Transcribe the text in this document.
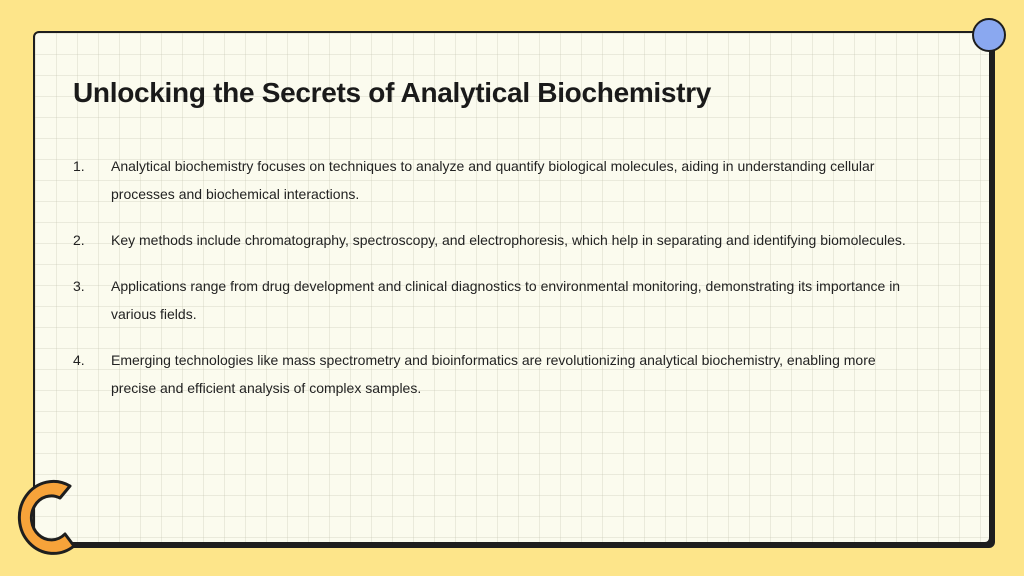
Unlocking the Secrets of Analytical Biochemistry
1.	Analytical biochemistry focuses on techniques to analyze and quantify biological molecules, aiding in understanding cellular processes and biochemical interactions.
2.	Key methods include chromatography, spectroscopy, and electrophoresis, which help in separating and identifying biomolecules.
3.	Applications range from drug development and clinical diagnostics to environmental monitoring, demonstrating its importance in various fields.
4.	Emerging technologies like mass spectrometry and bioinformatics are revolutionizing analytical biochemistry, enabling more precise and efficient analysis of complex samples.
